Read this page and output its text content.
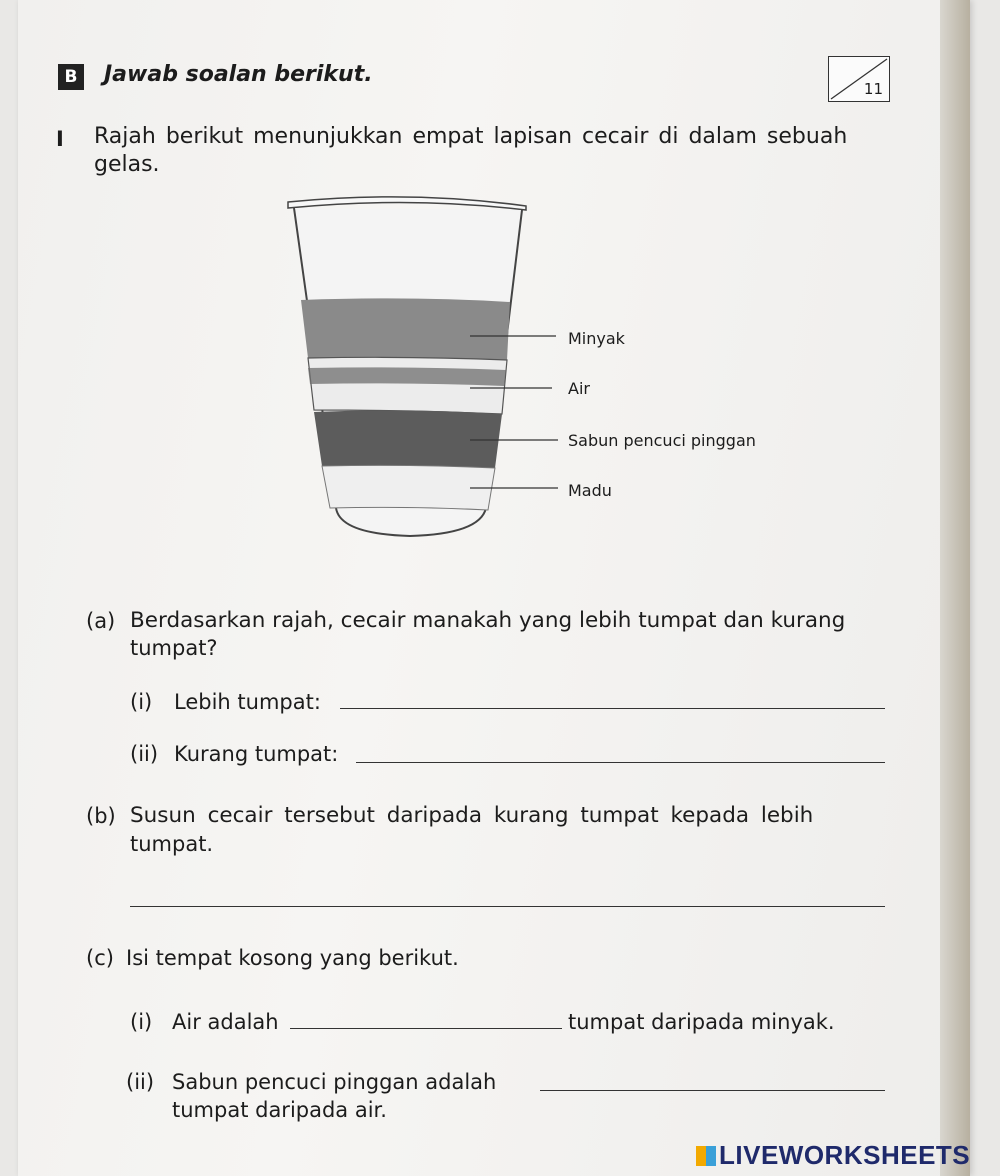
B Jawab soalan berikut.
11
I Rajah berikut menunjukkan empat lapisan cecair di dalam sebuah
gelas.
Minyak
Air
Sabun pencuci pinggan
Madu
(a) Berdasarkan rajah, cecair manakah yang lebih tumpat dan kurang
tumpat?
(i) Lebih tumpat:
(ii) Kurang tumpat:
(b) Susun cecair tersebut daripada kurang tumpat kepada lebih
tumpat.
(c) Isi tempat kosong yang berikut.
(i) Air adalah	tumpat daripada minyak.
(ii) Sabun pencuci pinggan adalah
tumpat daripada air.
LIVEWORKSHEETS
